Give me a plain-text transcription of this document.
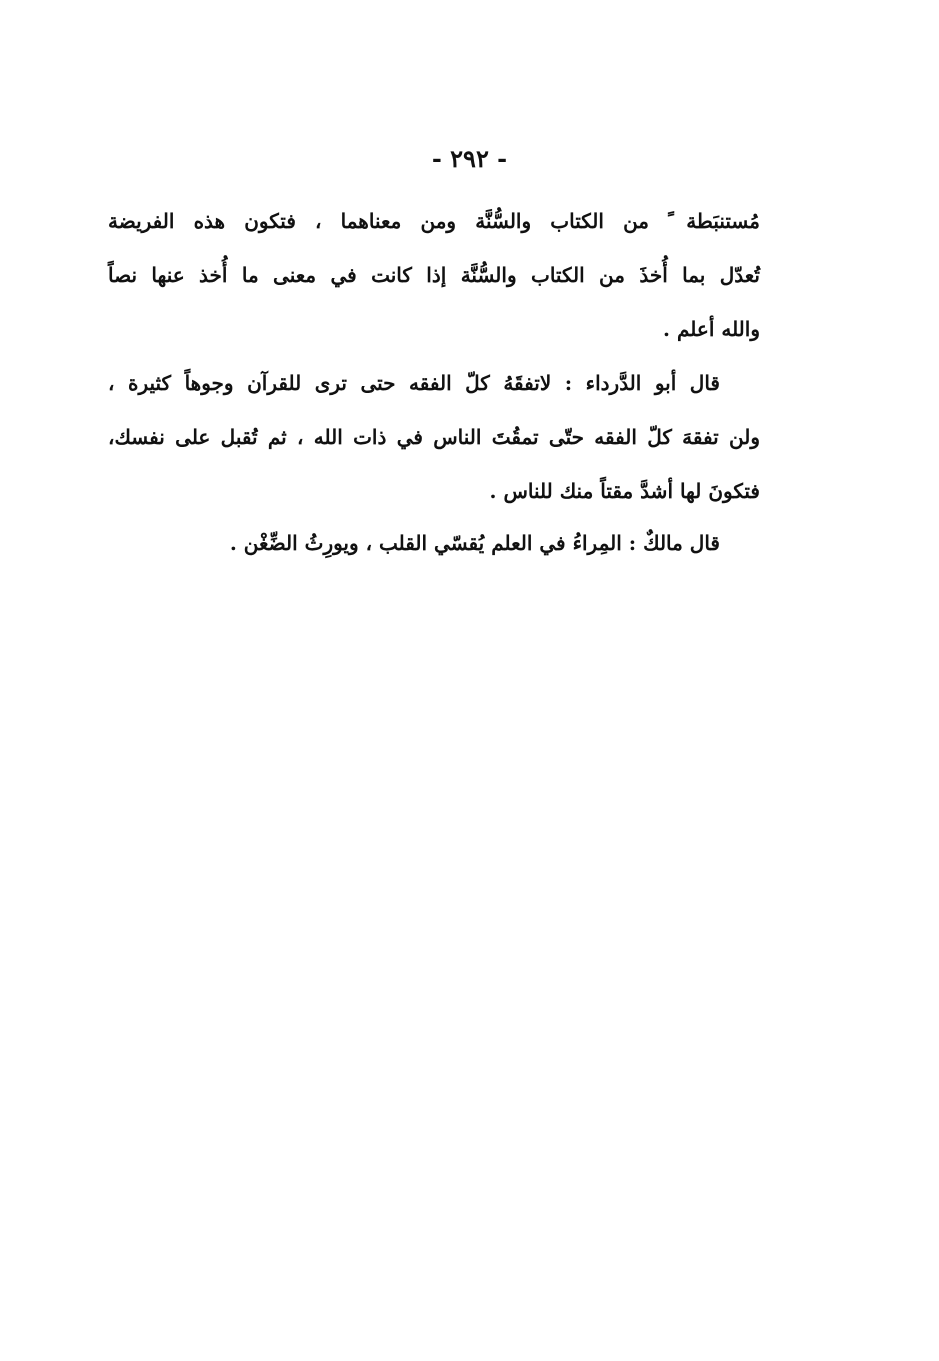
- ٢٩٢ -
مُستنبَطة ً من الكتاب والسُّنَّة ومن معناهما ، فتكون هذه الفريضة
تُعدّل بما أُخذَ من الكتاب والسُّنَّة إذا كانت في معنى ما أُخذ عنها نصاً
والله أعلم .
قال أبو الدَّرداء : لاتفقَهُ كلّ الفقه حتى ترى للقرآن وجوهاً كثيرة ،
ولن تفقهَ كلّ الفقه حتّى تمقُتَ الناس في ذات الله ، ثم تُقبل على نفسك،
فتكونَ لها أشدَّ مقتاً منك للناس .
قال مالكٌ : المِراءُ في العلم يُقسّي القلب ، ويورِثُ الضِّغْن .
